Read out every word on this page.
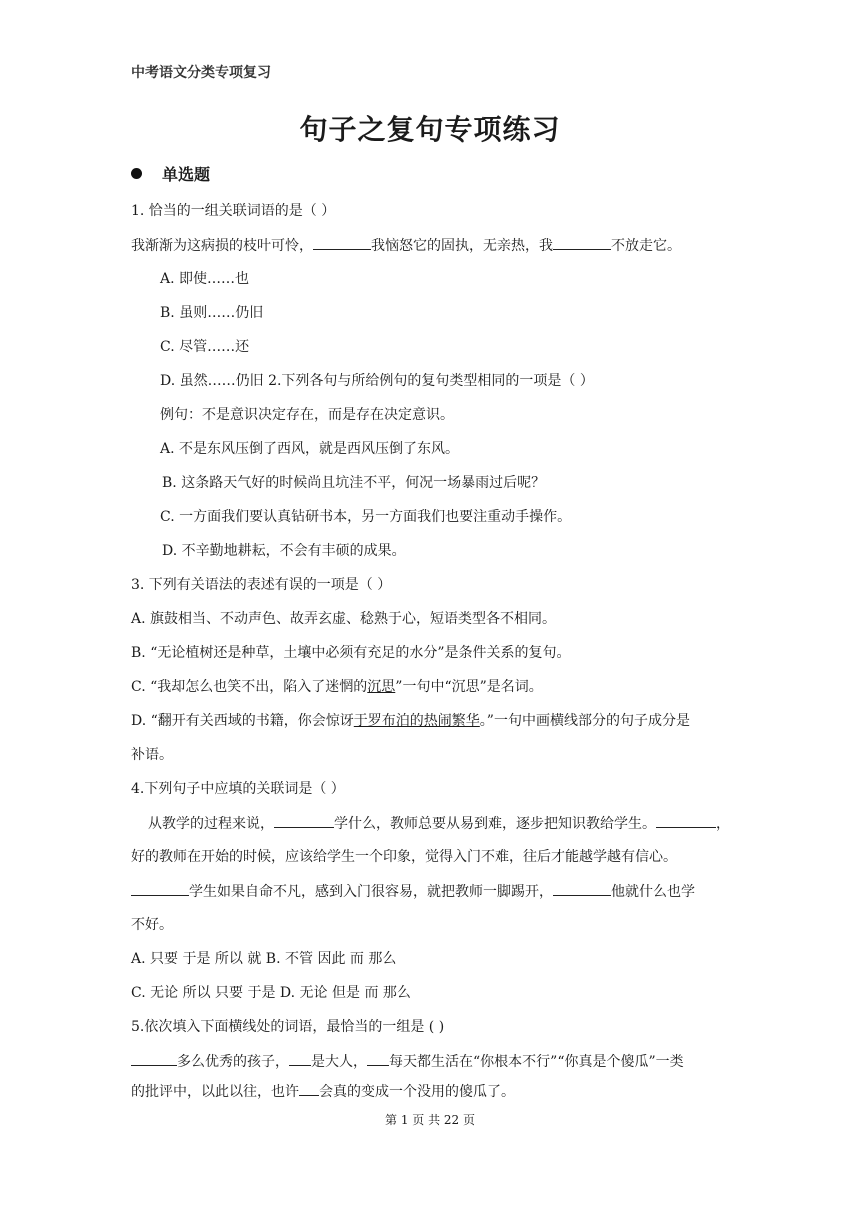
中考语文分类专项复习
句子之复句专项练习
单选题
1. 恰当的一组关联词语的是（ ）
我渐渐为这病损的枝叶可怜，	我恼怒它的固执，无亲热，我	不放走它。
A. 即使……也
B. 虽则……仍旧
C. 尽管……还
D. 虽然……仍旧 2.下列各句与所给例句的复句类型相同的一项是（ ）
例句：不是意识决定存在，而是存在决定意识。
A. 不是东风压倒了西风，就是西风压倒了东风。
B. 这条路天气好的时候尚且坑洼不平，何况一场暴雨过后呢？
C. 一方面我们要认真钻研书本，另一方面我们也要注重动手操作。
D. 不辛勤地耕耘，不会有丰硕的成果。
3. 下列有关语法的表述有误的一项是（ ）
A. 旗鼓相当、不动声色、故弄玄虚、稔熟于心，短语类型各不相同。
B. “无论植树还是种草，土壤中必须有充足的水分”是条件关系的复句。
C. “我却怎么也笑不出，陷入了迷惘的沉思”一句中“沉思”是名词。
D. “翻开有关西域的书籍，你会惊讶于罗布泊的热闹繁华。”一句中画横线部分的句子成分是
补语。
4.下列句子中应填的关联词是（ ）
从教学的过程来说，	学什么，教师总要从易到难，逐步把知识教给学生。	，
好的教师在开始的时候，应该给学生一个印象，觉得入门不难，往后才能越学越有信心。
学生如果自命不凡，感到入门很容易，就把教师一脚踢开，	他就什么也学
不好。
A. 只要 于是 所以 就 B. 不管 因此 而 那么
C. 无论 所以 只要 于是 D. 无论 但是 而 那么
5.依次填入下面横线处的词语，最恰当的一组是 ( )
多么优秀的孩子， 是大人， 每天都生活在“你根本不行”“你真是个傻瓜”一类
的批评中，以此以往，也许 会真的变成一个没用的傻瓜了。
第 1 页 共 22 页
